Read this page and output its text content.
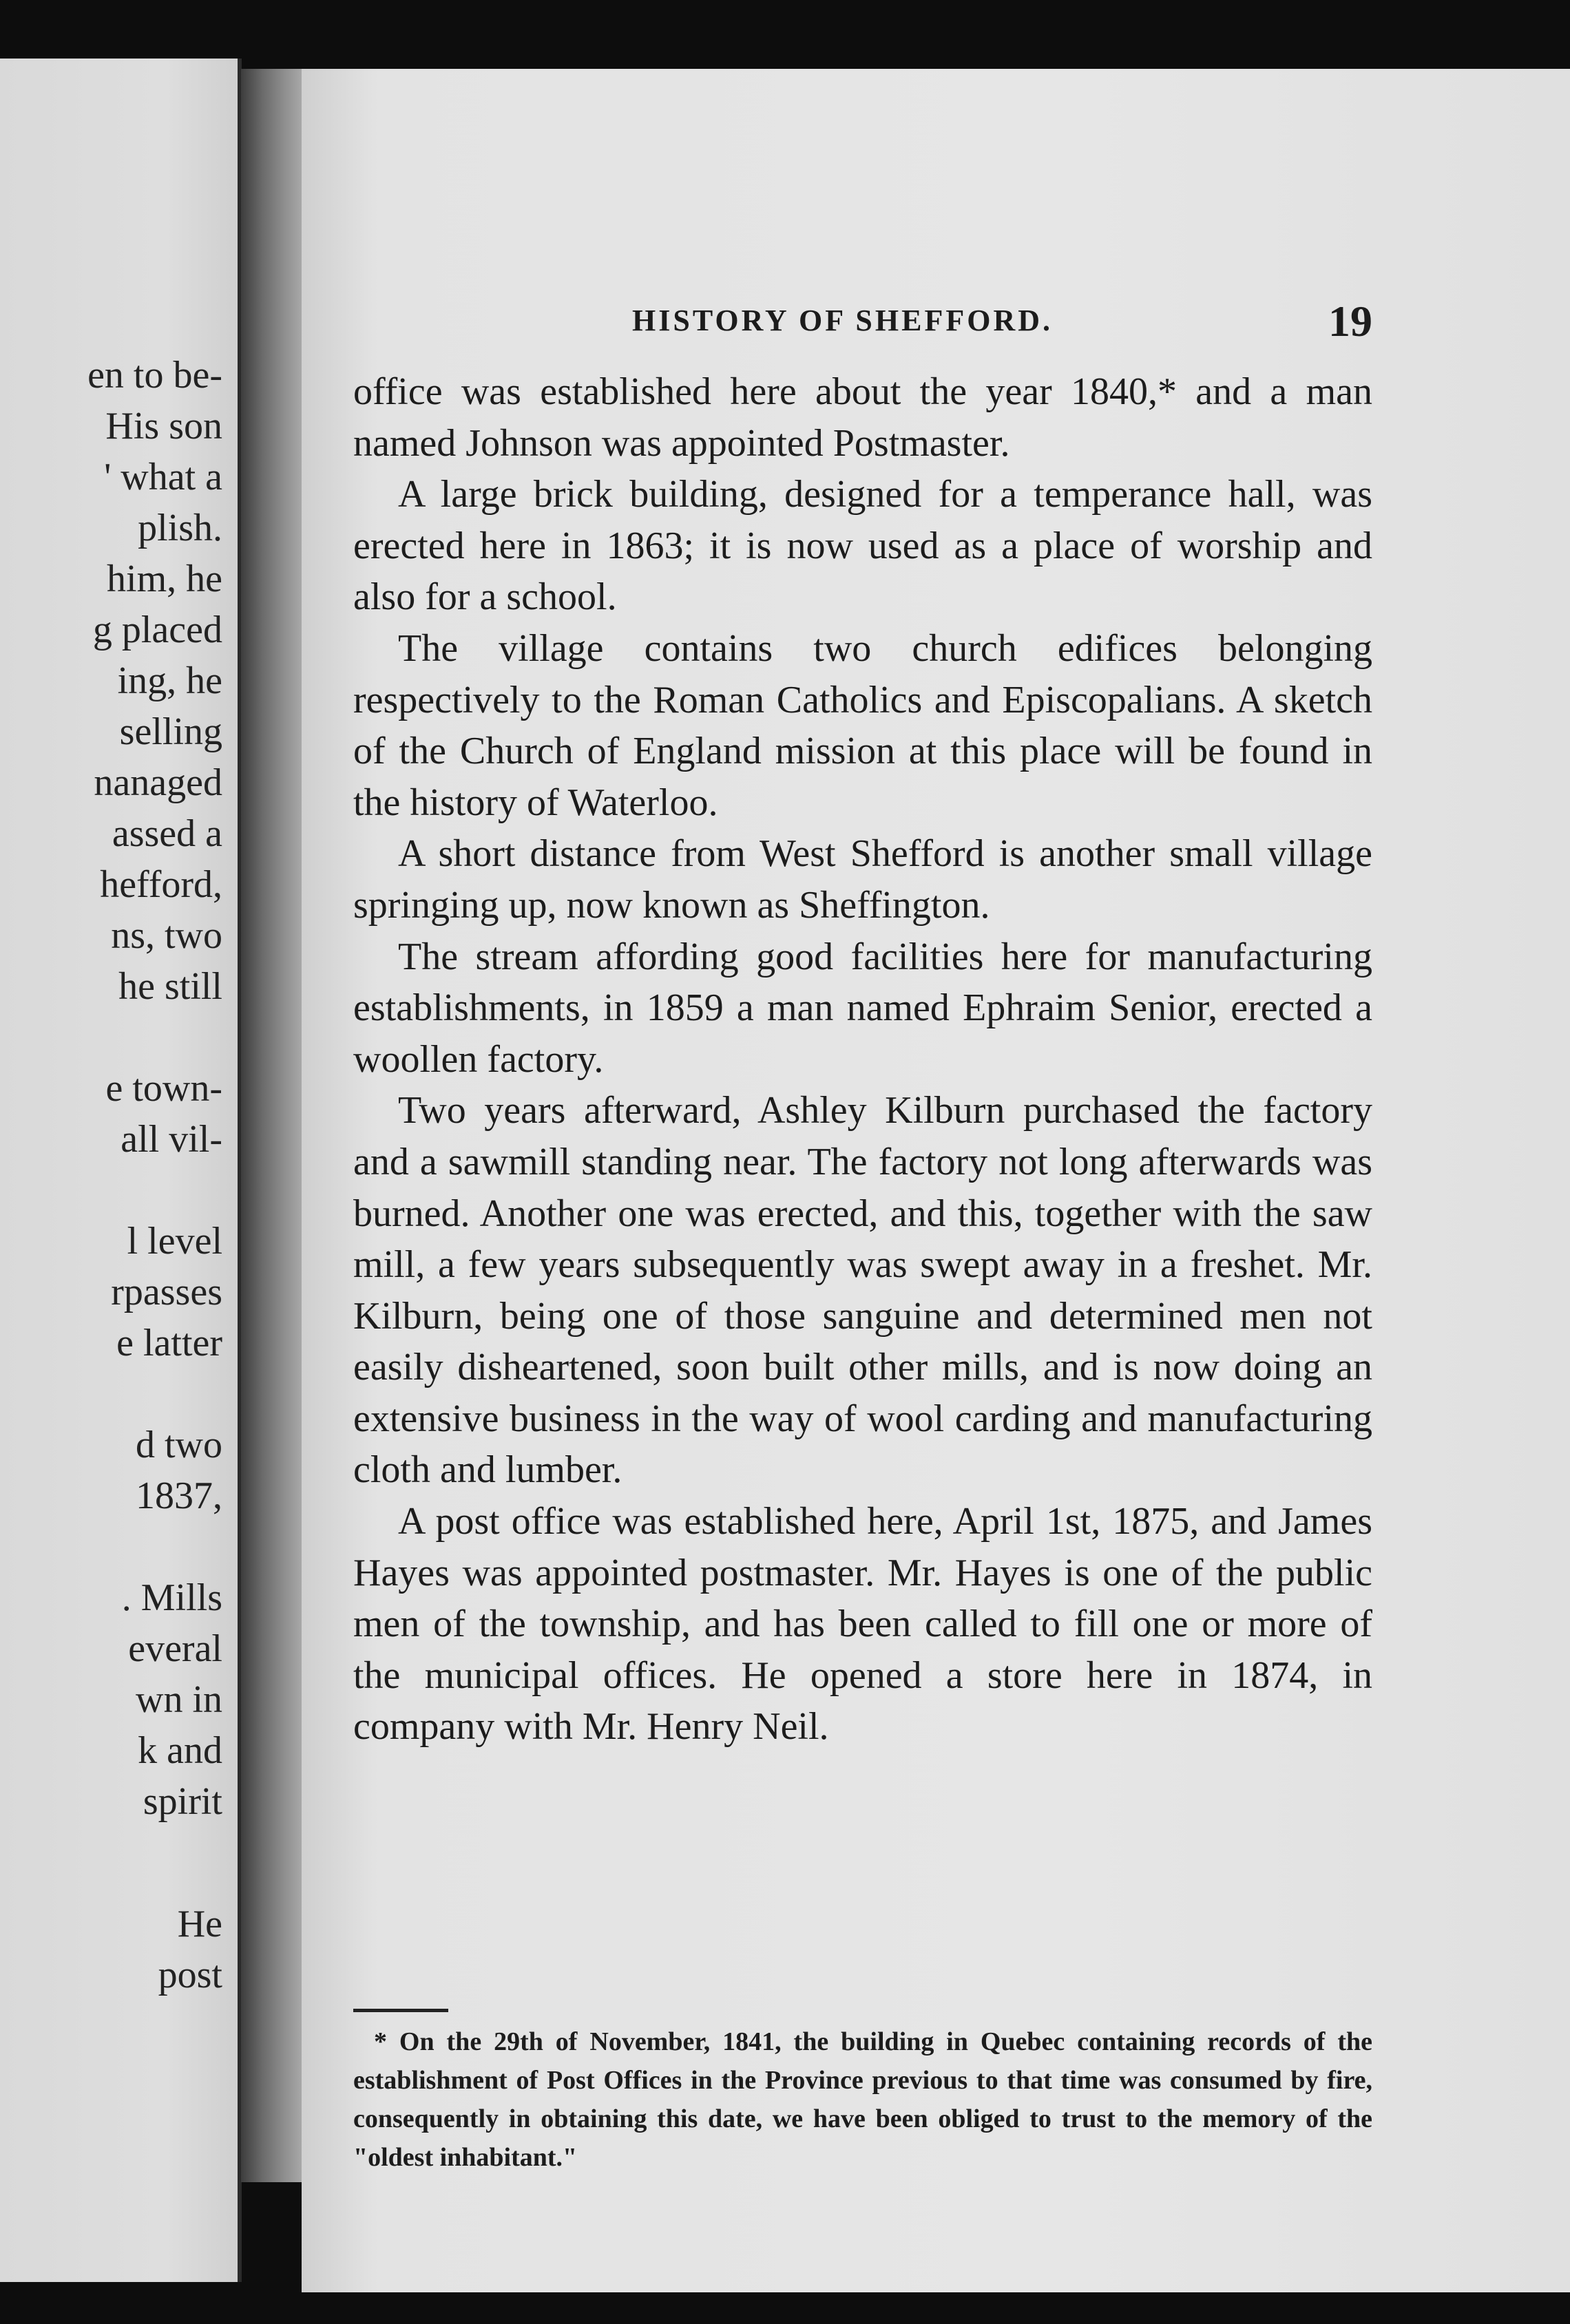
en to be-
His son
' what a
plish.
him, he
g placed
ing, he
selling
nanaged
assed a
hefford,
ns, two
he still
e town-
all vil-
l level
rpasses
e latter
d two
1837,
. Mills
everal
wn in
k and
spirit
He
post
HISTORY OF SHEFFORD.	19

office was established here about the year 1840,* and a man named Johnson was appointed Postmaster.

A large brick building, designed for a temperance hall, was erected here in 1863; it is now used as a place of worship and also for a school.

The village contains two church edifices belonging respectively to the Roman Catholics and Episcopalians. A sketch of the Church of England mission at this place will be found in the history of Waterloo.

A short distance from West Shefford is another small village springing up, now known as Sheffington.

The stream affording good facilities here for manufacturing establishments, in 1859 a man named Ephraim Senior, erected a woollen factory.

Two years afterward, Ashley Kilburn purchased the factory and a sawmill standing near. The factory not long afterwards was burned. Another one was erected, and this, together with the saw mill, a few years subsequently was swept away in a freshet. Mr. Kilburn, being one of those sanguine and determined men not easily disheartened, soon built other mills, and is now doing an extensive business in the way of wool carding and manufacturing cloth and lumber.

A post office was established here, April 1st, 1875, and James Hayes was appointed postmaster. Mr. Hayes is one of the public men of the township, and has been called to fill one or more of the municipal offices. He opened a store here in 1874, in company with Mr. Henry Neil.

* On the 29th of November, 1841, the building in Quebec containing records of the establishment of Post Offices in the Province previous to that time was consumed by fire, consequently in obtaining this date, we have been obliged to trust to the memory of the "oldest inhabitant."
